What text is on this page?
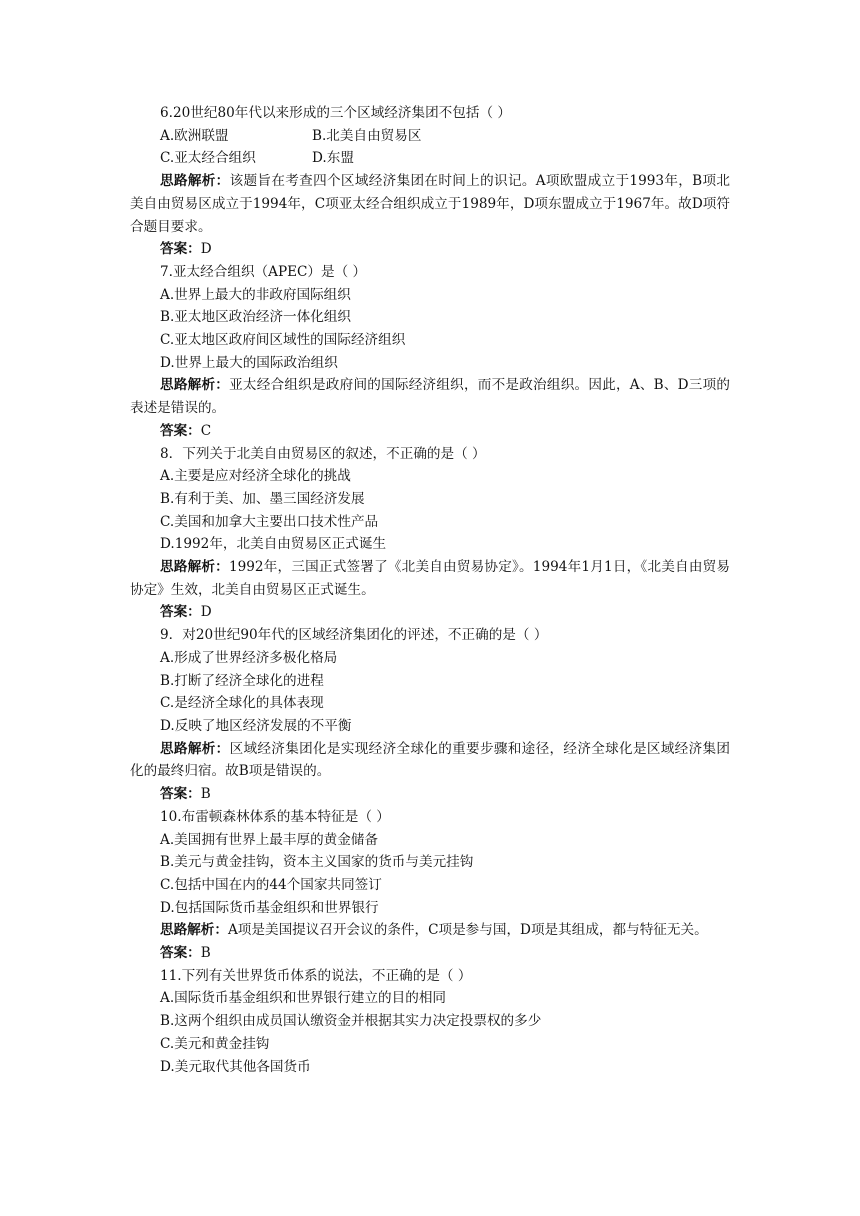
6.20世纪80年代以来形成的三个区域经济集团不包括（ ）
A.欧洲联盟	B.北美自由贸易区
C.亚太经合组织	D.东盟
思路解析：该题旨在考查四个区域经济集团在时间上的识记。A项欧盟成立于1993年，B项北美自由贸易区成立于1994年，C项亚太经合组织成立于1989年，D项东盟成立于1967年。故D项符合题目要求。
答案：D
7.亚太经合组织（APEC）是（ ）
A.世界上最大的非政府国际组织
B.亚太地区政治经济一体化组织
C.亚太地区政府间区域性的国际经济组织
D.世界上最大的国际政治组织
思路解析：亚太经合组织是政府间的国际经济组织，而不是政治组织。因此，A、B、D三项的表述是错误的。
答案：C
8．下列关于北美自由贸易区的叙述，不正确的是（ ）
A.主要是应对经济全球化的挑战
B.有利于美、加、墨三国经济发展
C.美国和加拿大主要出口技术性产品
D.1992年，北美自由贸易区正式诞生
思路解析：1992年，三国正式签署了《北美自由贸易协定》。1994年1月1日，《北美自由贸易协定》生效，北美自由贸易区正式诞生。
答案：D
9．对20世纪90年代的区域经济集团化的评述，不正确的是（ ）
A.形成了世界经济多极化格局
B.打断了经济全球化的进程
C.是经济全球化的具体表现
D.反映了地区经济发展的不平衡
思路解析：区域经济集团化是实现经济全球化的重要步骤和途径，经济全球化是区域经济集团化的最终归宿。故B项是错误的。
答案：B
10.布雷顿森林体系的基本特征是（ ）
A.美国拥有世界上最丰厚的黄金储备
B.美元与黄金挂钩，资本主义国家的货币与美元挂钩
C.包括中国在内的44个国家共同签订
D.包括国际货币基金组织和世界银行
思路解析：A项是美国提议召开会议的条件，C项是参与国，D项是其组成，都与特征无关。
答案：B
11.下列有关世界货币体系的说法，不正确的是（ ）
A.国际货币基金组织和世界银行建立的目的相同
B.这两个组织由成员国认缴资金并根据其实力决定投票权的多少
C.美元和黄金挂钩
D.美元取代其他各国货币
